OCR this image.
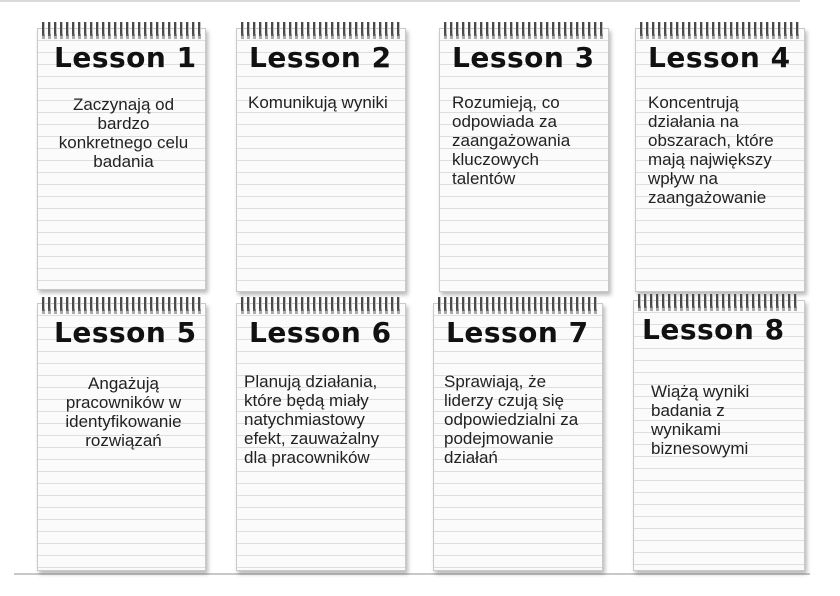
Lesson 1
Zaczynają od bardzo konkretnego celu badania
Lesson 2
Komunikują wyniki
Lesson 3
Rozumieją, co odpowiada za zaangażowania kluczowych talentów
Lesson 4
Koncentrują działania na obszarach, które mają największy wpływ na zaangażowanie
Lesson 5
Angażują pracowników w identyfikowanie rozwiązań
Lesson 6
Planują działania, które będą miały natychmiastowy efekt, zauważalny dla pracowników
Lesson 7
Sprawiają, że liderzy czują się odpowiedzialni za podejmowanie działań
Lesson 8
Wiążą wyniki badania z wynikami biznesowymi
